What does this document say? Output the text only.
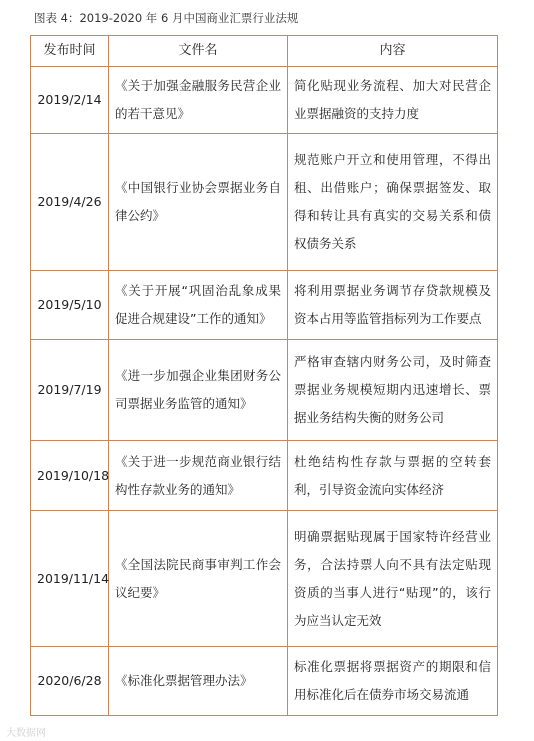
图表 4：2019-2020 年 6 月中国商业汇票行业法规
发布时间	文件名	内容
2019/2/14	《关于加强金融服务民营企业的若干意见》	简化贴现业务流程、加大对民营企业票据融资的支持力度
2019/4/26	《中国银行业协会票据业务自律公约》	规范账户开立和使用管理，不得出租、出借账户；确保票据签发、取得和转让具有真实的交易关系和债权债务关系
2019/5/10	《关于开展“巩固治乱象成果促进合规建设”工作的通知》	将利用票据业务调节存贷款规模及资本占用等监管指标列为工作要点
2019/7/19	《进一步加强企业集团财务公司票据业务监管的通知》	严格审查辖内财务公司，及时筛查票据业务规模短期内迅速增长、票据业务结构失衡的财务公司
2019/10/18	《关于进一步规范商业银行结构性存款业务的通知》	杜绝结构性存款与票据的空转套利，引导资金流向实体经济
2019/11/14	《全国法院民商事审判工作会议纪要》	明确票据贴现属于国家特许经营业务，合法持票人向不具有法定贴现资质的当事人进行“贴现”的，该行为应当认定无效
2020/6/28	《标准化票据管理办法》	标准化票据将票据资产的期限和信用标准化后在债券市场交易流通
大数据网
